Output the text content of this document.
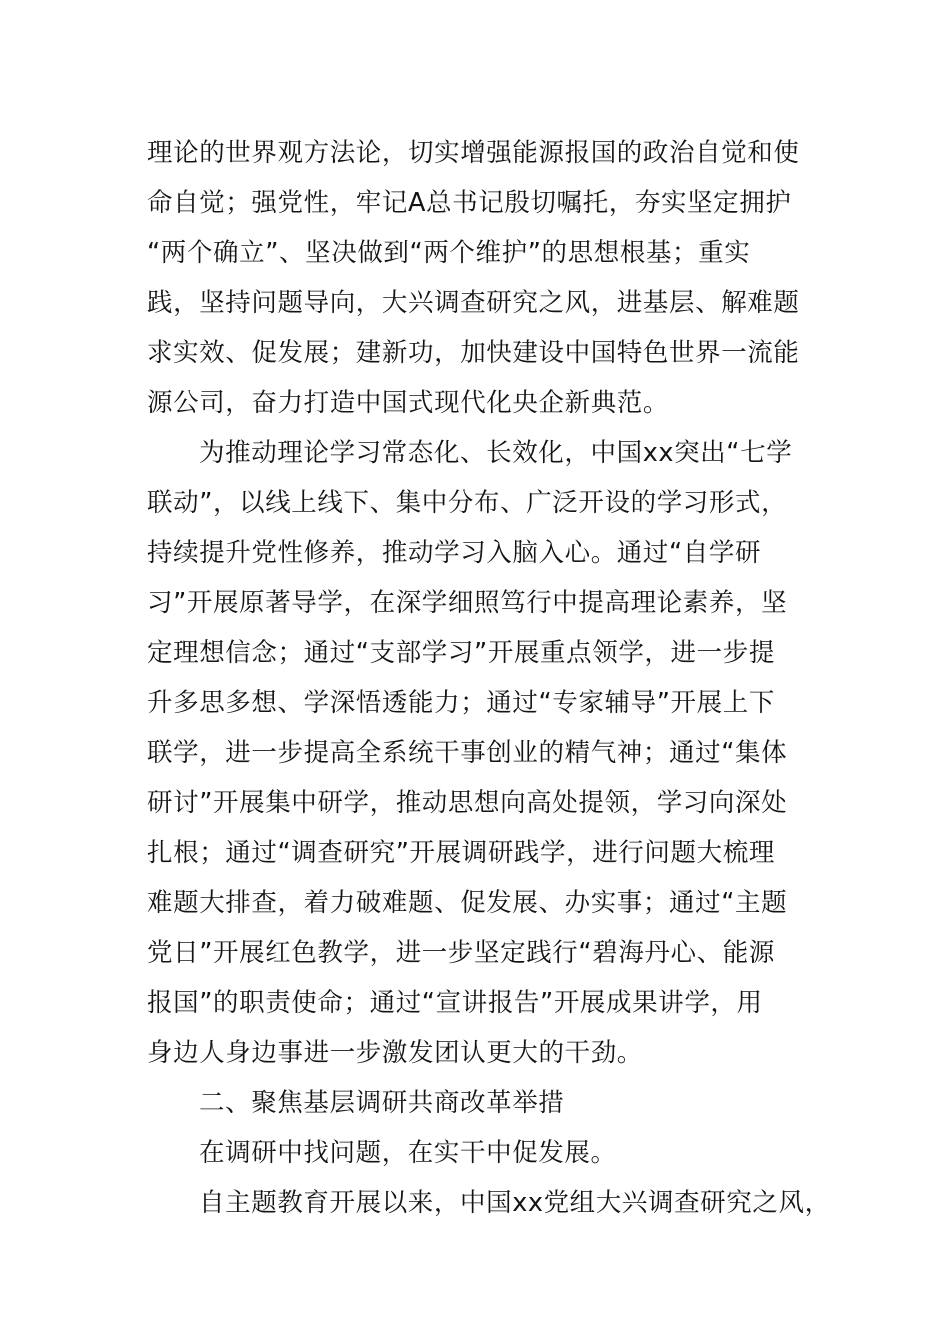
理论的世界观方法论，切实增强能源报国的政治自觉和使
命自觉；强党性，牢记A总书记殷切嘱托，夯实坚定拥护
“两个确立”、坚决做到“两个维护”的思想根基；重实
践，坚持问题导向，大兴调查研究之风，进基层、解难题
求实效、促发展；建新功，加快建设中国特色世界一流能
源公司，奋力打造中国式现代化央企新典范。
为推动理论学习常态化、长效化，中国xx突出“七学
联动”，以线上线下、集中分布、广泛开设的学习形式，
持续提升党性修养，推动学习入脑入心。通过“自学研
习”开展原著导学，在深学细照笃行中提高理论素养，坚
定理想信念；通过“支部学习”开展重点领学，进一步提
升多思多想、学深悟透能力；通过“专家辅导”开展上下
联学，进一步提高全系统干事创业的精气神；通过“集体
研讨”开展集中研学，推动思想向高处提领，学习向深处
扎根；通过“调查研究”开展调研践学，进行问题大梳理
难题大排查，着力破难题、促发展、办实事；通过“主题
党日”开展红色教学，进一步坚定践行“碧海丹心、能源
报国”的职责使命；通过“宣讲报告”开展成果讲学，用
身边人身边事进一步激发团认更大的干劲。
二、聚焦基层调研共商改革举措
在调研中找问题，在实干中促发展。
自主题教育开展以来，中国xx党组大兴调查研究之风，
